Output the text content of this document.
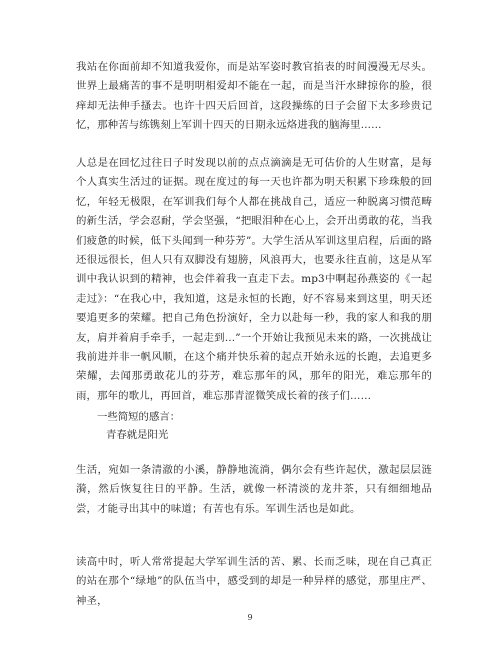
我站在你面前却不知道我爱你，而是站军姿时教官掐表的时间漫漫无尽头。世界上最痛苦的事不是明明相爱却不能在一起，而是当汗水肆掠你的脸，很痒却无法伸手搔去。也许十四天后回首，这段操练的日子会留下太多珍贵记忆，那种苦与练镌刻上军训十四天的日期永远烙进我的脑海里……

人总是在回忆过往日子时发现以前的点点滴滴是无可估价的人生财富，是每个人真实生活过的证据。现在度过的每一天也许都为明天积累下珍珠般的回忆，年轻无极限，在军训我们每个人都在挑战自己，适应一种脱离习惯范畴的新生活，学会忍耐，学会坚强，“把眼泪种在心上，会开出勇敢的花，当我们疲惫的时候，低下头闻到一种芬芳”。大学生活从军训这里启程，后面的路还很远很长，但人只有双脚没有翅膀，风浪再大，也要永往直前，这是从军训中我认识到的精神，也会伴着我一直走下去。mp3中啊起孙燕姿的《一起走过》：“在我心中，我知道，这是永恒的长跑，好不容易来到这里，明天还要追更多的荣耀。把自己角色扮演好，全力以赴每一秒，我的家人和我的朋友，肩并着肩手牵手，一起走到…”一个开始让我预见未来的路，一次挑战让我前进并非一帆风顺，在这个痛并快乐着的起点开始永远的长跑，去追更多荣耀，去闻那勇敢花儿的芬芳，难忘那年的风，那年的阳光，难忘那年的雨，那年的歌儿，再回首，难忘那青涩微笑成长着的孩子们……

一些简短的感言：

青春就是阳光

生活，宛如一条清澈的小溪，静静地流淌，偶尔会有些许起伏，激起层层涟漪，然后恢复往日的平静。生活，就像一杯清淡的龙井茶，只有细细地品尝，才能寻出其中的味道；有苦也有乐。军训生活也是如此。

读高中时，听人常常提起大学军训生活的苦、累、长而乏味，现在自己真正的站在那个“绿地”的队伍当中，感受到的却是一种异样的感觉，那里庄严、神圣，

9
